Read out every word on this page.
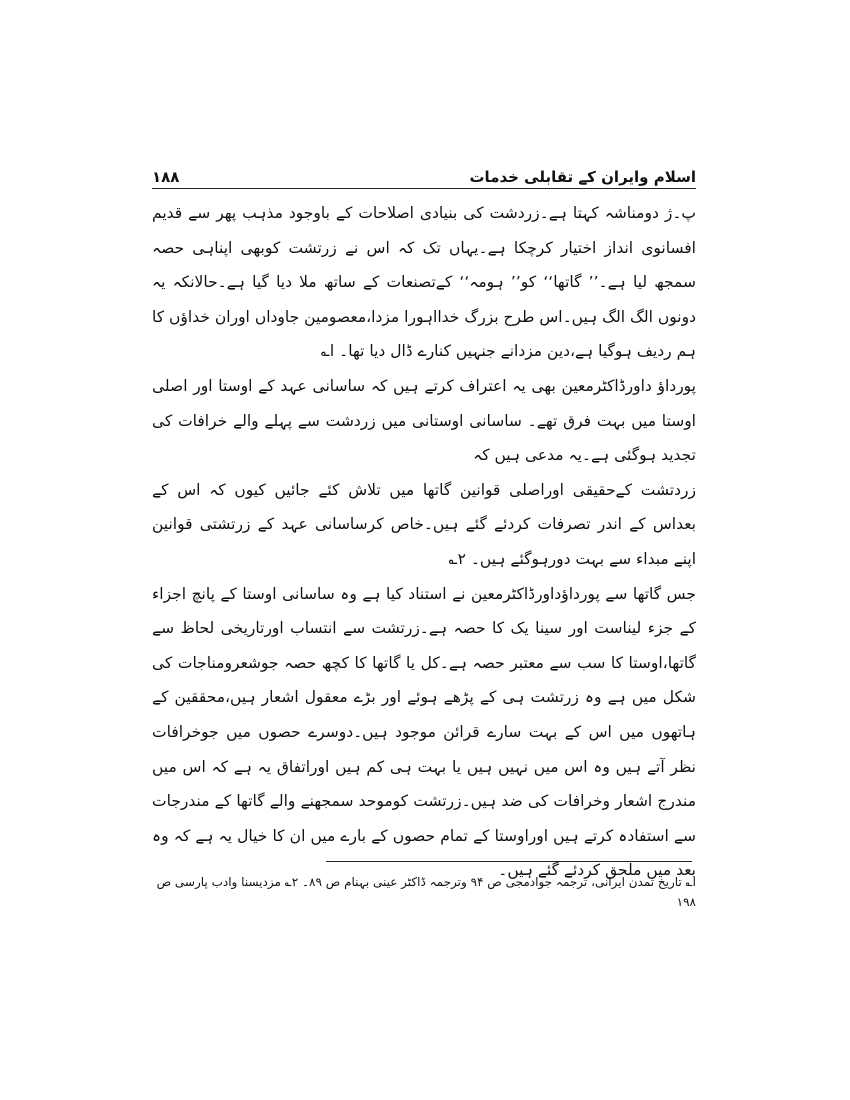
۱۸۸	اسلام وایران کے تقابلی خدمات

پ۔ژ دومناشہ کہتا ہے۔زردشت کی بنیادی اصلاحات کے باوجود مذہب پھر سے قدیم افسانوی انداز اختیار کرچکا ہے۔یہاں تک کہ اس نے زرتشت کوبھی اپناہی حصہ سمجھ لیا ہے۔’’ گاتھا‘‘ کو’’ ہومہ‘‘ کےتصنعات کے ساتھ ملا دیا گیا ہے۔حالانکہ یہ دونوں الگ الگ ہیں۔اس طرح بزرگ خدااہورا مزدا،معصومین جاوداں اوران خداؤں کا ہم ردیف ہوگیا ہے،دین مزدانے جنہیں کنارے ڈال دیا تھا۔ ا؎

پورداؤ داورڈاکٹرمعین بھی یہ اعتراف کرتے ہیں کہ ساسانی عہد کے اوستا اور اصلی اوستا میں بہت فرق تھے۔ ساسانی اوستانی میں زردشت سے پہلے والے خرافات کی تجدید ہوگئی ہے۔یہ مدعی ہیں کہ

زردتشت کےحقیقی اوراصلی قوانین گاتھا میں تلاش کئے جائیں کیوں کہ اس کے بعداس کے اندر تصرفات کردئے گئے ہیں۔خاص کرساسانی عہد کے زرتشتی قوانین اپنے مبداء سے بہت دورہوگئے ہیں۔ ۲؎

جس گاتھا سے پورداؤداورڈاکٹرمعین نے استناد کیا ہے وہ ساسانی اوستا کے پانچ اجزاء کے جزء لیناست اور سینا یک کا حصہ ہے۔زرتشت سے انتساب اورتاریخی لحاظ سے گاتھا،اوستا کا سب سے معتبر حصہ ہے۔کل یا گاتھا کا کچھ حصہ جوشعرومناجات کی شکل میں ہے وہ زرتشت ہی کے پڑھے ہوئے اور بڑے معقول اشعار ہیں،محققین کے ہاتھوں میں اس کے بہت سارے قرائن موجود ہیں۔دوسرے حصوں میں جوخرافات نظر آتے ہیں وہ اس میں نہیں ہیں یا بہت ہی کم ہیں اوراتفاق یہ ہے کہ اس میں مندرج اشعار وخرافات کی ضد ہیں۔زرتشت کوموحد سمجھنے والے گاتھا کے مندرجات سے استفادہ کرتے ہیں اوراوستا کے تمام حصوں کے بارے میں ان کا خیال یہ ہے کہ وہ بعد میں ملحق کردئے گئے ہیں۔

ا؎ تاریخ تمدن ایرانی، ترجمہ جوادمجی ص ۹۴ وترجمہ ڈاکٹر عینی بہنام ص ۸۹۔ ۲؎ مزدیسنا وادب پارسی ص ۱۹۸
